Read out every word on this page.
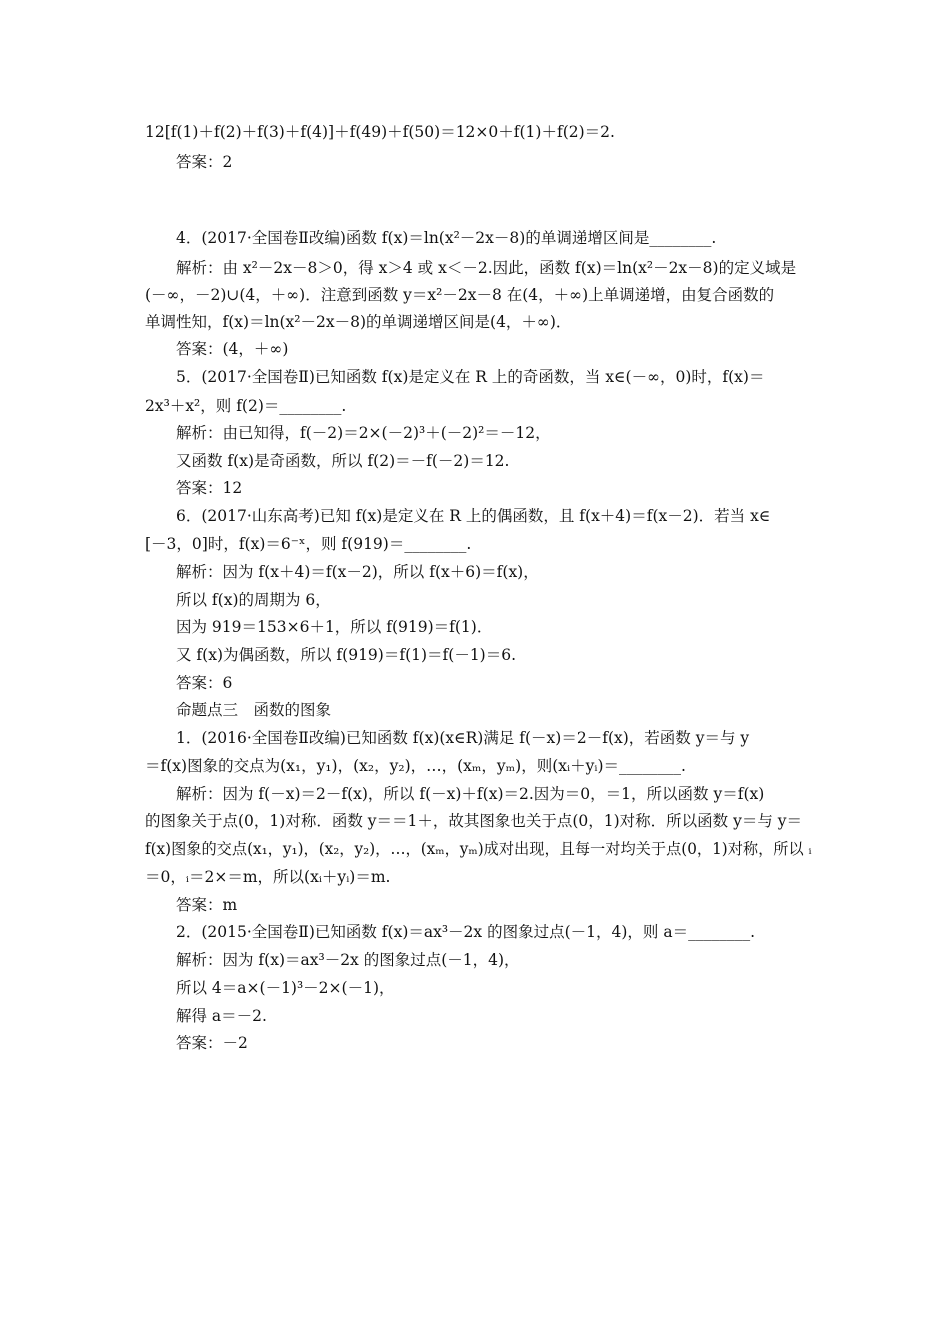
12[f(1)＋f(2)＋f(3)＋f(4)]＋f(49)＋f(50)＝12×0＋f(1)＋f(2)＝2.
答案：2
4．(2017·全国卷Ⅱ改编)函数 f(x)＝ln(x²－2x－8)的单调递增区间是________.
解析：由 x²－2x－8＞0，得 x＞4 或 x＜－2.因此，函数 f(x)＝ln(x²－2x－8)的定义域是
(－∞，－2)∪(4，＋∞)．注意到函数 y＝x²－2x－8 在(4，＋∞)上单调递增，由复合函数的
单调性知，f(x)＝ln(x²－2x－8)的单调递增区间是(4，＋∞)．
答案：(4，＋∞)
5．(2017·全国卷Ⅱ)已知函数 f(x)是定义在 R 上的奇函数，当 x∈(－∞，0)时，f(x)＝
2x³＋x²，则 f(2)＝________.
解析：由已知得，f(－2)＝2×(－2)³＋(－2)²＝－12，
又函数 f(x)是奇函数，所以 f(2)＝－f(－2)＝12.
答案：12
6．(2017·山东高考)已知 f(x)是定义在 R 上的偶函数，且 f(x＋4)＝f(x－2)．若当 x∈
[－3，0]时，f(x)＝6⁻ˣ，则 f(919)＝________.
解析：因为 f(x＋4)＝f(x－2)，所以 f(x＋6)＝f(x)，
所以 f(x)的周期为 6，
因为 919＝153×6＋1，所以 f(919)＝f(1)．
又 f(x)为偶函数，所以 f(919)＝f(1)＝f(－1)＝6.
答案：6
命题点三　函数的图象
1．(2016·全国卷Ⅱ改编)已知函数 f(x)(x∈R)满足 f(－x)＝2－f(x)，若函数 y＝与 y
＝f(x)图象的交点为(x₁，y₁)，(x₂，y₂)，…，(xₘ，yₘ)，则(xᵢ＋yᵢ)＝________.
解析：因为 f(－x)＝2－f(x)，所以 f(－x)＋f(x)＝2.因为＝0，＝1，所以函数 y＝f(x)
的图象关于点(0，1)对称．函数 y＝＝1＋，故其图象也关于点(0，1)对称．所以函数 y＝与 y＝
f(x)图象的交点(x₁，y₁)，(x₂，y₂)，…，(xₘ，yₘ)成对出现，且每一对均关于点(0，1)对称，所以 ᵢ
＝0，ᵢ＝2×＝m，所以(xᵢ＋yᵢ)＝m.
答案：m
2．(2015·全国卷Ⅱ)已知函数 f(x)＝ax³－2x 的图象过点(－1，4)，则 a＝________.
解析：因为 f(x)＝ax³－2x 的图象过点(－1，4)，
所以 4＝a×(－1)³－2×(－1)，
解得 a＝－2.
答案：－2
